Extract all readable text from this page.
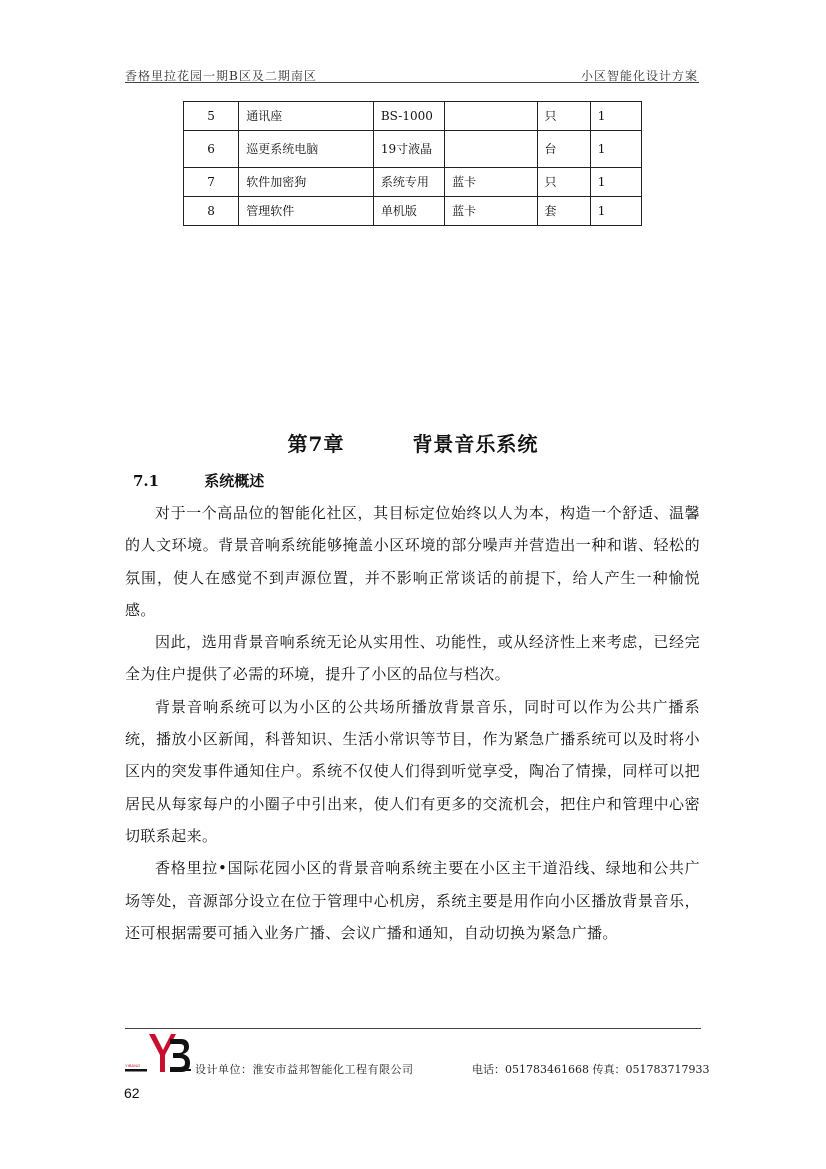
香格里拉花园一期B区及二期南区	小区智能化设计方案
5	通讯座	BS-1000		只	1
6	巡更系统电脑	19寸液晶		台	1
7	软件加密狗	系统专用	蓝卡	只	1
8	管理软件	单机版	蓝卡	套	1
第7章	背景音乐系统
7.1	系统概述

对于一个高品位的智能化社区，其目标定位始终以人为本，构造一个舒适、温馨的人文环境。背景音响系统能够掩盖小区环境的部分噪声并营造出一种和谐、轻松的氛围，使人在感觉不到声源位置，并不影响正常谈话的前提下，给人产生一种愉悦感。

因此，选用背景音响系统无论从实用性、功能性，或从经济性上来考虑，已经完全为住户提供了必需的环境，提升了小区的品位与档次。

背景音响系统可以为小区的公共场所播放背景音乐，同时可以作为公共广播系统，播放小区新闻，科普知识、生活小常识等节目，作为紧急广播系统可以及时将小区内的突发事件通知住户。系统不仅使人们得到听觉享受，陶冶了情操，同样可以把居民从每家每户的小圈子中引出来，使人们有更多的交流机会，把住户和管理中心密切联系起来。

香格里拉•国际花园小区的背景音响系统主要在小区主干道沿线、绿地和公共广场等处，音源部分设立在位于管理中心机房，系统主要是用作向小区播放背景音乐，还可根据需要可插入业务广播、会议广播和通知，自动切换为紧急广播。

YIBANG	设计单位：淮安市益邦智能化工程有限公司	电话：051783461668 传真：051783717933
62
